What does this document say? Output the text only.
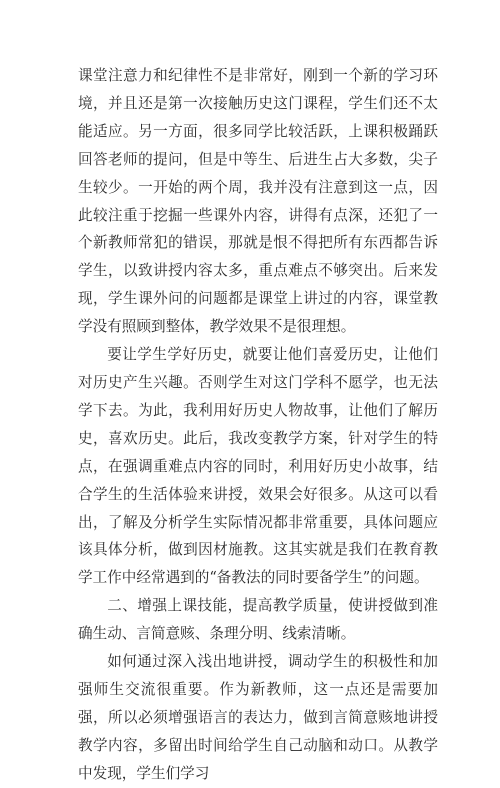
课堂注意力和纪律性不是非常好，刚到一个新的学习环境，并且还是第一次接触历史这门课程，学生们还不太能适应。另一方面，很多同学比较活跃，上课积极踊跃回答老师的提问，但是中等生、后进生占大多数，尖子生较少。一开始的两个周，我并没有注意到这一点，因此较注重于挖掘一些课外内容，讲得有点深，还犯了一个新教师常犯的错误，那就是恨不得把所有东西都告诉学生，以致讲授内容太多，重点难点不够突出。后来发现，学生课外问的问题都是课堂上讲过的内容，课堂教学没有照顾到整体，教学效果不是很理想。

要让学生学好历史，就要让他们喜爱历史，让他们对历史产生兴趣。否则学生对这门学科不愿学，也无法学下去。为此，我利用好历史人物故事，让他们了解历史，喜欢历史。此后，我改变教学方案，针对学生的特点，在强调重难点内容的同时，利用好历史小故事，结合学生的生活体验来讲授，效果会好很多。从这可以看出，了解及分析学生实际情况都非常重要，具体问题应该具体分析，做到因材施教。这其实就是我们在教育教学工作中经常遇到的“备教法的同时要备学生”的问题。

二、增强上课技能，提高教学质量，使讲授做到准确生动、言简意赅、条理分明、线索清晰。

如何通过深入浅出地讲授，调动学生的积极性和加强师生交流很重要。作为新教师，这一点还是需要加强，所以必须增强语言的表达力，做到言简意赅地讲授教学内容，多留出时间给学生自己动脑和动口。从教学中发现，学生们学习
